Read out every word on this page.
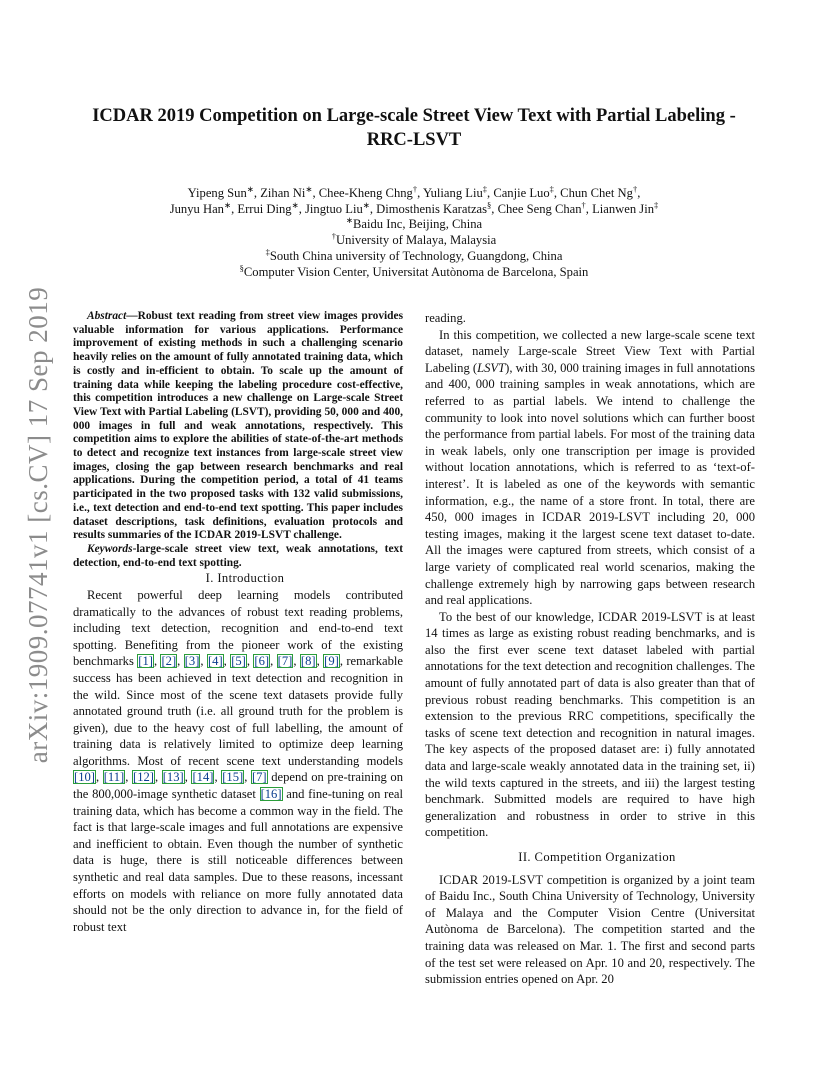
arXiv:1909.07741v1 [cs.CV] 17 Sep 2019
ICDAR 2019 Competition on Large-scale Street View Text with Partial Labeling -
RRC-LSVT
Yipeng Sun∗, Zihan Ni∗, Chee-Kheng Chng†, Yuliang Liu‡, Canjie Luo‡, Chun Chet Ng†,
Junyu Han∗, Errui Ding∗, Jingtuo Liu∗, Dimosthenis Karatzas§, Chee Seng Chan†, Lianwen Jin‡
∗Baidu Inc, Beijing, China
†University of Malaya, Malaysia
‡South China university of Technology, Guangdong, China
§Computer Vision Center, Universitat Autònoma de Barcelona, Spain

Abstract—Robust text reading from street view images provides valuable information for various applications. Performance improvement of existing methods in such a challenging scenario heavily relies on the amount of fully annotated training data, which is costly and in-efficient to obtain. To scale up the amount of training data while keeping the labeling procedure cost-effective, this competition introduces a new challenge on Large-scale Street View Text with Partial Labeling (LSVT), providing 50, 000 and 400, 000 images in full and weak annotations, respectively. This competition aims to explore the abilities of state-of-the-art methods to detect and recognize text instances from large-scale street view images, closing the gap between research benchmarks and real applications. During the competition period, a total of 41 teams participated in the two proposed tasks with 132 valid submissions, i.e., text detection and end-to-end text spotting. This paper includes dataset descriptions, task definitions, evaluation protocols and results summaries of the ICDAR 2019-LSVT challenge.

Keywords-large-scale street view text, weak annotations, text detection, end-to-end text spotting.

I. Introduction

Recent powerful deep learning models contributed dramatically to the advances of robust text reading problems, including text detection, recognition and end-to-end text spotting. Benefiting from the pioneer work of the existing benchmarks [1], [2], [3], [4], [5], [6], [7], [8], [9], remarkable success has been achieved in text detection and recognition in the wild. Since most of the scene text datasets provide fully annotated ground truth (i.e. all ground truth for the problem is given), due to the heavy cost of full labelling, the amount of training data is relatively limited to optimize deep learning algorithms. Most of recent scene text understanding models [10], [11], [12], [13], [14], [15], [7] depend on pre-training on the 800,000-image synthetic dataset [16] and fine-tuning on real training data, which has become a common way in the field. The fact is that large-scale images and full annotations are expensive and inefficient to obtain. Even though the number of synthetic data is huge, there is still noticeable differences between synthetic and real data samples. Due to these reasons, incessant efforts on models with reliance on more fully annotated data should not be the only direction to advance in, for the field of robust text

reading.

In this competition, we collected a new large-scale scene text dataset, namely Large-scale Street View Text with Partial Labeling (LSVT), with 30, 000 training images in full annotations and 400, 000 training samples in weak annotations, which are referred to as partial labels. We intend to challenge the community to look into novel solutions which can further boost the performance from partial labels. For most of the training data in weak labels, only one transcription per image is provided without location annotations, which is referred to as ‘text-of-interest’. It is labeled as one of the keywords with semantic information, e.g., the name of a store front. In total, there are 450, 000 images in ICDAR 2019-LSVT including 20, 000 testing images, making it the largest scene text dataset to-date. All the images were captured from streets, which consist of a large variety of complicated real world scenarios, making the challenge extremely high by narrowing gaps between research and real applications.

To the best of our knowledge, ICDAR 2019-LSVT is at least 14 times as large as existing robust reading benchmarks, and is also the first ever scene text dataset labeled with partial annotations for the text detection and recognition challenges. The amount of fully annotated part of data is also greater than that of previous robust reading benchmarks. This competition is an extension to the previous RRC competitions, specifically the tasks of scene text detection and recognition in natural images. The key aspects of the proposed dataset are: i) fully annotated data and large-scale weakly annotated data in the training set, ii) the wild texts captured in the streets, and iii) the largest testing benchmark. Submitted models are required to have high generalization and robustness in order to strive in this competition.

II. Competition Organization

ICDAR 2019-LSVT competition is organized by a joint team of Baidu Inc., South China University of Technology, University of Malaya and the Computer Vision Centre (Universitat Autònoma de Barcelona). The competition started and the training data was released on Mar. 1. The first and second parts of the test set were released on Apr. 10 and 20, respectively. The submission entries opened on Apr. 20
